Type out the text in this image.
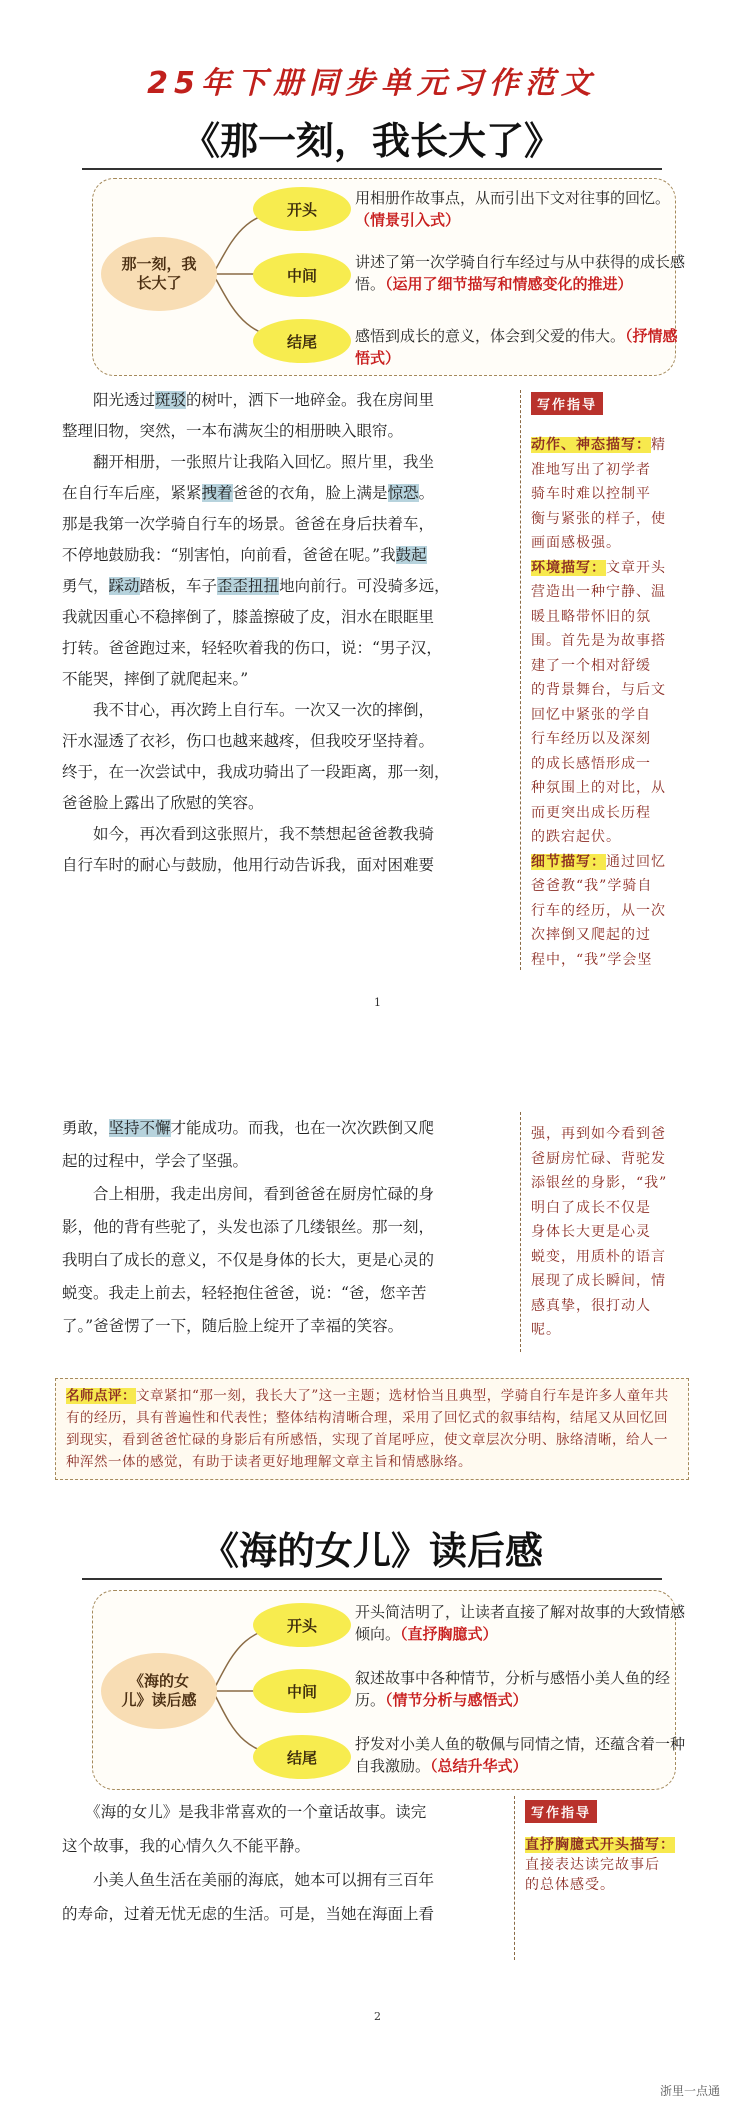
25年下册同步单元习作范文
《那一刻，我长大了》
那一刻，我长大了
开头
中间
结尾
用相册作故事点，从而引出下文对往事的回忆。（情景引入式）
讲述了第一次学骑自行车经过与从中获得的成长感悟。（运用了细节描写和情感变化的推进）
感悟到成长的意义，体会到父爱的伟大。（抒情感悟式）
　　阳光透过斑驳的树叶，洒下一地碎金。我在房间里
整理旧物，突然，一本布满灰尘的相册映入眼帘。
　　翻开相册，一张照片让我陷入回忆。照片里，我坐
在自行车后座，紧紧拽着爸爸的衣角，脸上满是惊恐。
那是我第一次学骑自行车的场景。爸爸在身后扶着车，
不停地鼓励我：“别害怕，向前看，爸爸在呢。”我鼓起
勇气，踩动踏板，车子歪歪扭扭地向前行。可没骑多远，
我就因重心不稳摔倒了，膝盖擦破了皮，泪水在眼眶里
打转。爸爸跑过来，轻轻吹着我的伤口，说：“男子汉，
不能哭，摔倒了就爬起来。”
　　我不甘心，再次跨上自行车。一次又一次的摔倒，
汗水湿透了衣衫，伤口也越来越疼，但我咬牙坚持着。
终于，在一次尝试中，我成功骑出了一段距离，那一刻，
爸爸脸上露出了欣慰的笑容。
　　如今，再次看到这张照片，我不禁想起爸爸教我骑
自行车时的耐心与鼓励，他用行动告诉我，面对困难要
写作指导
动作、神态描写：精
准地写出了初学者
骑车时难以控制平
衡与紧张的样子，使
画面感极强。
环境描写：文章开头
营造出一种宁静、温
暖且略带怀旧的氛
围。首先是为故事搭
建了一个相对舒缓
的背景舞台，与后文
回忆中紧张的学自
行车经历以及深刻
的成长感悟形成一
种氛围上的对比，从
而更突出成长历程
的跌宕起伏。
细节描写：通过回忆
爸爸教“我”学骑自
行车的经历，从一次
次摔倒又爬起的过
程中，“我”学会坚
1
勇敢，坚持不懈才能成功。而我，也在一次次跌倒又爬
起的过程中，学会了坚强。
　　合上相册，我走出房间，看到爸爸在厨房忙碌的身
影，他的背有些驼了，头发也添了几缕银丝。那一刻，
我明白了成长的意义，不仅是身体的长大，更是心灵的
蜕变。我走上前去，轻轻抱住爸爸，说：“爸，您辛苦
了。”爸爸愣了一下，随后脸上绽开了幸福的笑容。
强，再到如今看到爸
爸厨房忙碌、背驼发
添银丝的身影，“我”
明白了成长不仅是
身体长大更是心灵
蜕变，用质朴的语言
展现了成长瞬间，情
感真挚，很打动人
呢。
名师点评：文章紧扣“那一刻，我长大了”这一主题；选材恰当且典型，学骑自行车是许多人童年共有的经历，具有普遍性和代表性；整体结构清晰合理，采用了回忆式的叙事结构，结尾又从回忆回到现实，看到爸爸忙碌的身影后有所感悟，实现了首尾呼应，使文章层次分明、脉络清晰，给人一种浑然一体的感觉，有助于读者更好地理解文章主旨和情感脉络。
《海的女儿》读后感
《海的女儿》读后感
开头
中间
结尾
开头简洁明了，让读者直接了解对故事的大致情感倾向。（直抒胸臆式）
叙述故事中各种情节，分析与感悟小美人鱼的经历。（情节分析与感悟式）
抒发对小美人鱼的敬佩与同情之情，还蕴含着一种自我激励。（总结升华式）
　　《海的女儿》是我非常喜欢的一个童话故事。读完
这个故事，我的心情久久不能平静。
　　小美人鱼生活在美丽的海底，她本可以拥有三百年
的寿命，过着无忧无虑的生活。可是，当她在海面上看
写作指导
直抒胸臆式开头描写：
直接表达读完故事后
的总体感受。
2
浙里一点通
